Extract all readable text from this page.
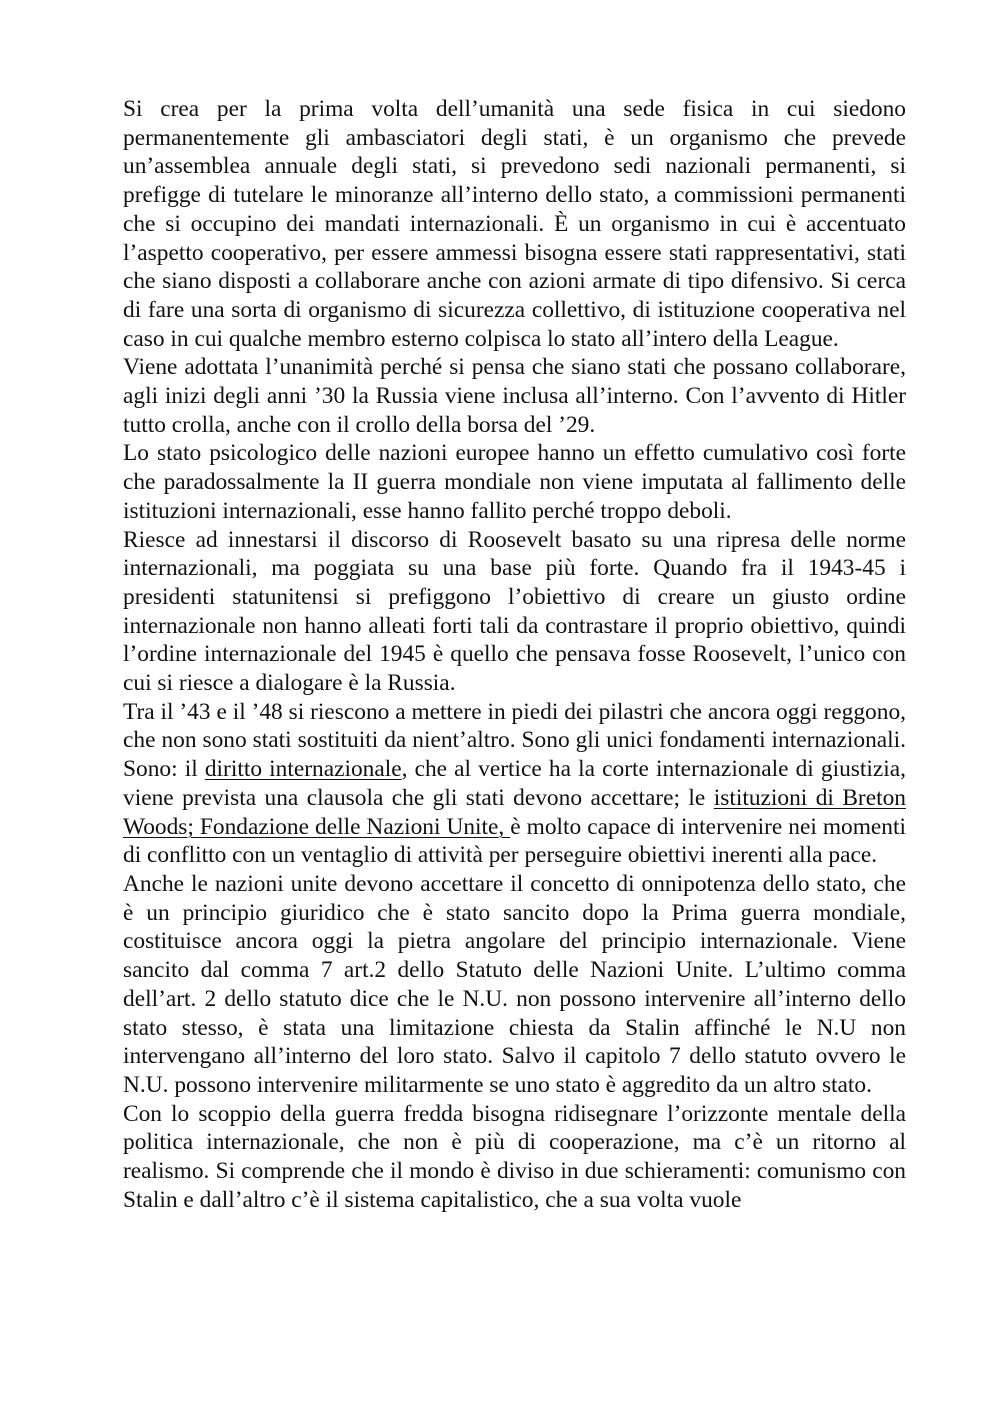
Si crea per la prima volta dell’umanità una sede fisica in cui siedono permanentemente gli ambasciatori degli stati, è un organismo che prevede un’assemblea annuale degli stati, si prevedono sedi nazionali permanenti, si prefigge di tutelare le minoranze all’interno dello stato, a commissioni permanenti che si occupino dei mandati internazionali. È un organismo in cui è accentuato l’aspetto cooperativo, per essere ammessi bisogna essere stati rappresentativi, stati che siano disposti a collaborare anche con azioni armate di tipo difensivo. Si cerca di fare una sorta di organismo di sicurezza collettivo, di istituzione cooperativa nel caso in cui qualche membro esterno colpisca lo stato all’intero della League.

Viene adottata l’unanimità perché si pensa che siano stati che possano collaborare, agli inizi degli anni ’30 la Russia viene inclusa all’interno. Con l’avvento di Hitler tutto crolla, anche con il crollo della borsa del ’29.

Lo stato psicologico delle nazioni europee hanno un effetto cumulativo così forte che paradossalmente la II guerra mondiale non viene imputata al fallimento delle istituzioni internazionali, esse hanno fallito perché troppo deboli.

Riesce ad innestarsi il discorso di Roosevelt basato su una ripresa delle norme internazionali, ma poggiata su una base più forte. Quando fra il 1943-45 i presidenti statunitensi si prefiggono l’obiettivo di creare un giusto ordine internazionale non hanno alleati forti tali da contrastare il proprio obiettivo, quindi l’ordine internazionale del 1945 è quello che pensava fosse Roosevelt, l’unico con cui si riesce a dialogare è la Russia.

Tra il ’43 e il ’48 si riescono a mettere in piedi dei pilastri che ancora oggi reggono, che non sono stati sostituiti da nient’altro. Sono gli unici fondamenti internazionali. Sono: il diritto internazionale, che al vertice ha la corte internazionale di giustizia, viene prevista una clausola che gli stati devono accettare; le istituzioni di Breton Woods; Fondazione delle Nazioni Unite, è molto capace di intervenire nei momenti di conflitto con un ventaglio di attività per perseguire obiettivi inerenti alla pace.

Anche le nazioni unite devono accettare il concetto di onnipotenza dello stato, che è un principio giuridico che è stato sancito dopo la Prima guerra mondiale, costituisce ancora oggi la pietra angolare del principio internazionale. Viene sancito dal comma 7 art.2 dello Statuto delle Nazioni Unite. L’ultimo comma dell’art. 2 dello statuto dice che le N.U. non possono intervenire all’interno dello stato stesso, è stata una limitazione chiesta da Stalin affinché le N.U non intervengano all’interno del loro stato. Salvo il capitolo 7 dello statuto ovvero le N.U. possono intervenire militarmente se uno stato è aggredito da un altro stato.

Con lo scoppio della guerra fredda bisogna ridisegnare l’orizzonte mentale della politica internazionale, che non è più di cooperazione, ma c’è un ritorno al realismo. Si comprende che il mondo è diviso in due schieramenti: comunismo con Stalin e dall’altro c’è il sistema capitalistico, che a sua volta vuole
